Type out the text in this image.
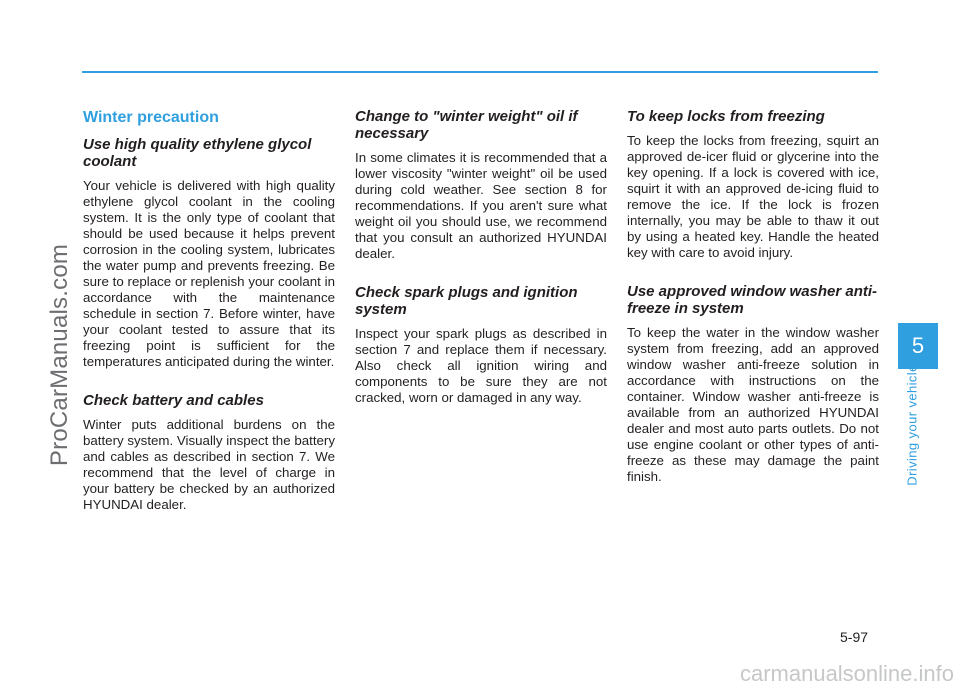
ProCarManuals.com
carmanualsonline.info
5
Driving your vehicle
Winter precaution
Use high quality ethylene glycol coolant
Your vehicle is delivered with high quality ethylene glycol coolant in the cooling system. It is the only type of coolant that should be used because it helps prevent corrosion in the cooling system, lubricates the water pump and prevents freezing. Be sure to replace or replenish your coolant in accordance with the maintenance schedule in section 7. Before winter, have your coolant tested to assure that its freezing point is sufficient for the temperatures anticipated during the winter.
Check battery and cables
Winter puts additional burdens on the battery system. Visually inspect the battery and cables as described in section 7. We recommend that the level of charge in your battery be checked by an authorized HYUNDAI dealer.
Change to "winter weight" oil if necessary
In some climates it is recommended that a lower viscosity "winter weight" oil be used during cold weather. See section 8 for recommendations. If you aren't sure what weight oil you should use, we recommend that you consult an authorized HYUNDAI dealer.
Check spark plugs and ignition system
Inspect your spark plugs as described in section 7 and replace them if necessary. Also check all ignition wiring and components to be sure they are not cracked, worn or damaged in any way.
To keep locks from freezing
To keep the locks from freezing, squirt an approved de-icer fluid or glycerine into the key opening. If a lock is covered with ice, squirt it with an approved de-icing fluid to remove the ice. If the lock is frozen internally, you may be able to thaw it out by using a heated key. Handle the heated key with care to avoid injury.
Use approved window washer anti-freeze in system
To keep the water in the window washer system from freezing, add an approved window washer anti-freeze solution in accordance with instructions on the container. Window washer anti-freeze is available from an authorized HYUNDAI dealer and most auto parts outlets. Do not use engine coolant or other types of anti-freeze as these may damage the paint finish.
5-97
